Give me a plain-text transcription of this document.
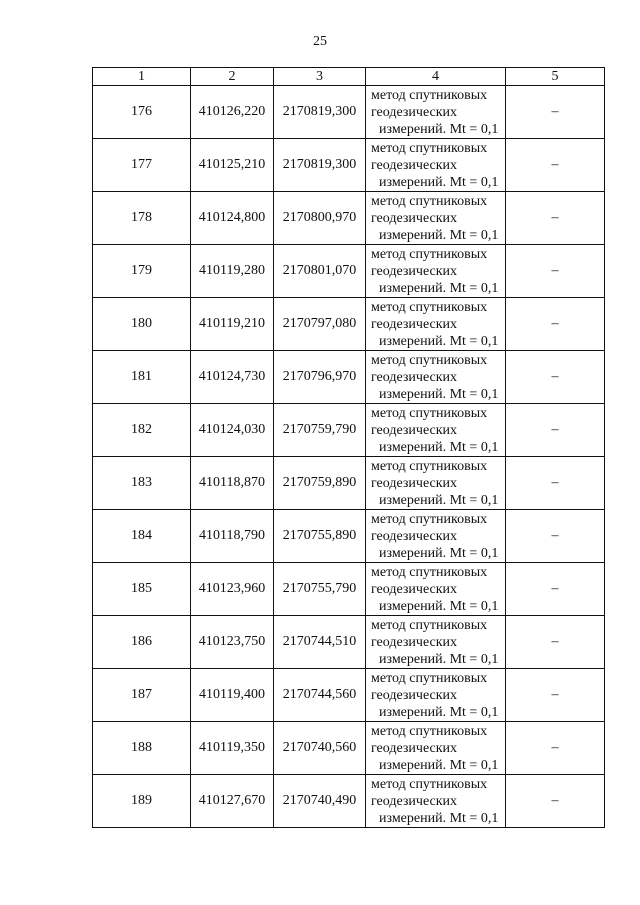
25
1	2	3	4	5
176	410126,220	2170819,300	метод спутниковых
геодезических
измерений. Mt = 0,1	–
177	410125,210	2170819,300	метод спутниковых
геодезических
измерений. Mt = 0,1	–
178	410124,800	2170800,970	метод спутниковых
геодезических
измерений. Mt = 0,1	–
179	410119,280	2170801,070	метод спутниковых
геодезических
измерений. Mt = 0,1	–
180	410119,210	2170797,080	метод спутниковых
геодезических
измерений. Mt = 0,1	–
181	410124,730	2170796,970	метод спутниковых
геодезических
измерений. Mt = 0,1	–
182	410124,030	2170759,790	метод спутниковых
геодезических
измерений. Mt = 0,1	–
183	410118,870	2170759,890	метод спутниковых
геодезических
измерений. Mt = 0,1	–
184	410118,790	2170755,890	метод спутниковых
геодезических
измерений. Mt = 0,1	–
185	410123,960	2170755,790	метод спутниковых
геодезических
измерений. Mt = 0,1	–
186	410123,750	2170744,510	метод спутниковых
геодезических
измерений. Mt = 0,1	–
187	410119,400	2170744,560	метод спутниковых
геодезических
измерений. Mt = 0,1	–
188	410119,350	2170740,560	метод спутниковых
геодезических
измерений. Mt = 0,1	–
189	410127,670	2170740,490	метод спутниковых
геодезических
измерений. Mt = 0,1	–
